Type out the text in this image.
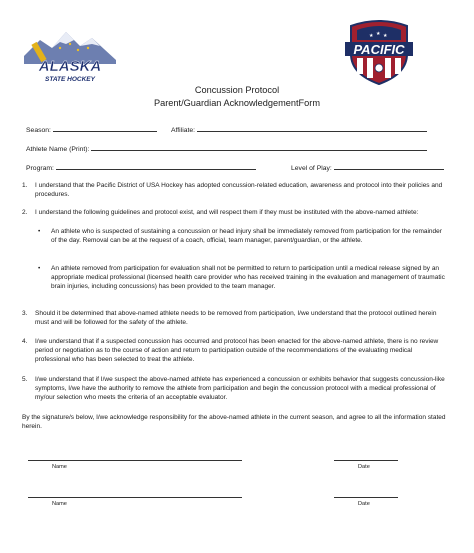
ALASKA
STATE HOCKEY
★ ★ ★
PACIFIC
Concussion Protocol
Parent/Guardian AcknowledgementForm
Season:	Affiliate:
Athlete Name (Print):
Program:	Level of Play:
1. I understand that the Pacific District of USA Hockey has adopted concussion-related education, awareness and protocol into their policies and procedures.
2. I understand the following guidelines and protocol exist, and will respect them if they must be instituted with the above-named athlete:
• An athlete who is suspected of sustaining a concussion or head injury shall be immediately removed from participation for the remainder of the day. Removal can be at the request of a coach, official, team manager, parent/guardian, or the athlete.
• An athlete removed from participation for evaluation shall not be permitted to return to participation until a medical release signed by an appropriate medical professional (licensed health care provider who has received training in the evaluation and management of traumatic brain injuries, including concussions) has been provided to the team manager.
3. Should it be determined that above-named athlete needs to be removed from participation, I/we understand that the protocol outlined herein must and will be followed for the safety of the athlete.
4. I/we understand that if a suspected concussion has occurred and protocol has been enacted for the above-named athlete, there is no review period or negotiation as to the course of action and return to participation outside of the recommendations of the evaluating medical professional who has been selected to treat the athlete.
5. I/we understand that if I/we suspect the above-named athlete has experienced a concussion or exhibits behavior that suggests concussion-like symptoms, I/we have the authority to remove the athlete from participation and begin the concussion protocol with a medical professional of my/our selection who meets the criteria of an acceptable evaluator.
By the signature/s below, I/we acknowledge responsibility for the above-named athlete in the current season, and agree to all the information stated herein.
Name	Date
Name	Date
